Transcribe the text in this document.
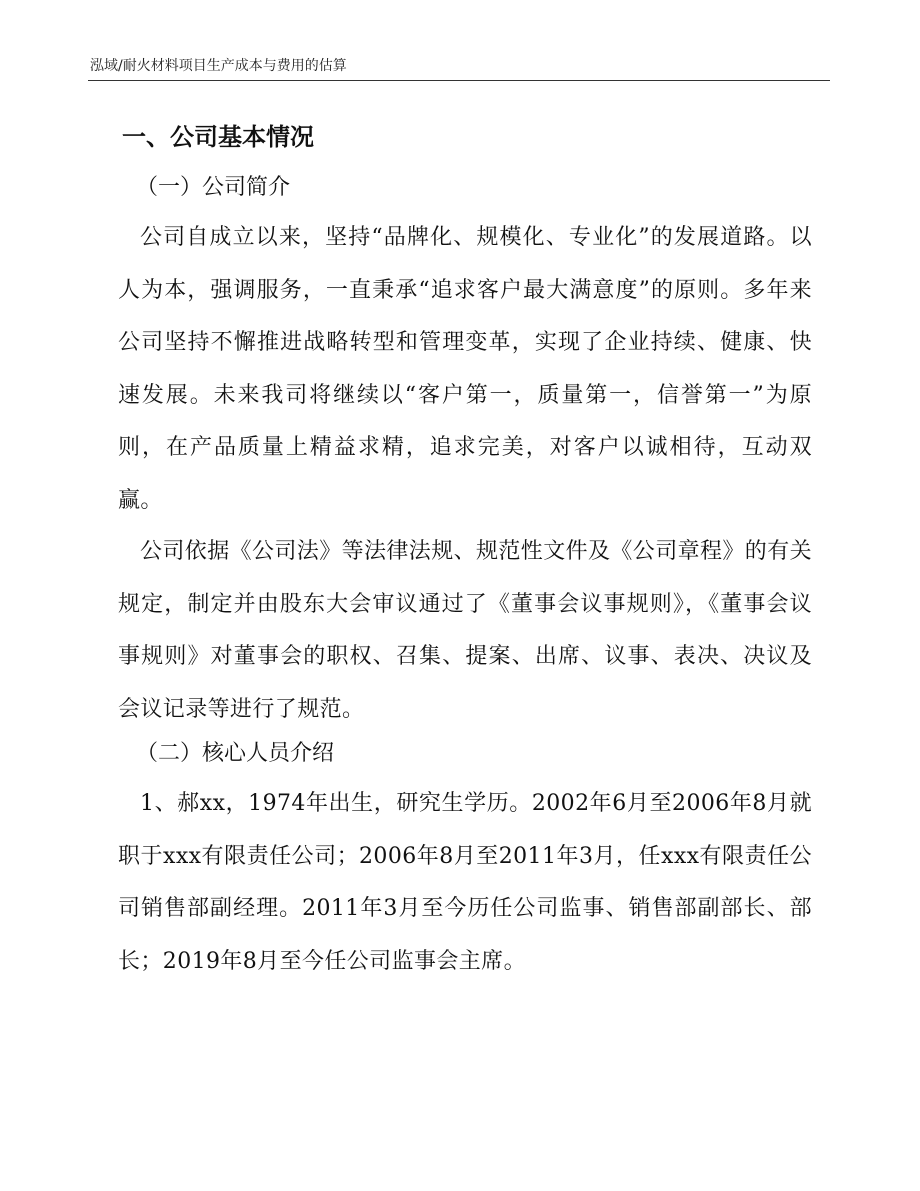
泓域/耐火材料项目生产成本与费用的估算
一、公司基本情况
（一）公司简介

公司自成立以来，坚持“品牌化、规模化、专业化”的发展道路。以人为本，强调服务，一直秉承“追求客户最大满意度”的原则。多年来公司坚持不懈推进战略转型和管理变革，实现了企业持续、健康、快速发展。未来我司将继续以“客户第一，质量第一，信誉第一”为原则，在产品质量上精益求精，追求完美，对客户以诚相待，互动双赢。

公司依据《公司法》等法律法规、规范性文件及《公司章程》的有关规定，制定并由股东大会审议通过了《董事会议事规则》，《董事会议事规则》对董事会的职权、召集、提案、出席、议事、表决、决议及会议记录等进行了规范。

（二）核心人员介绍

1、郝xx，1974年出生，研究生学历。2002年6月至2006年8月就职于xxx有限责任公司；2006年8月至2011年3月，任xxx有限责任公司销售部副经理。2011年3月至今历任公司监事、销售部副部长、部长；2019年8月至今任公司监事会主席。
